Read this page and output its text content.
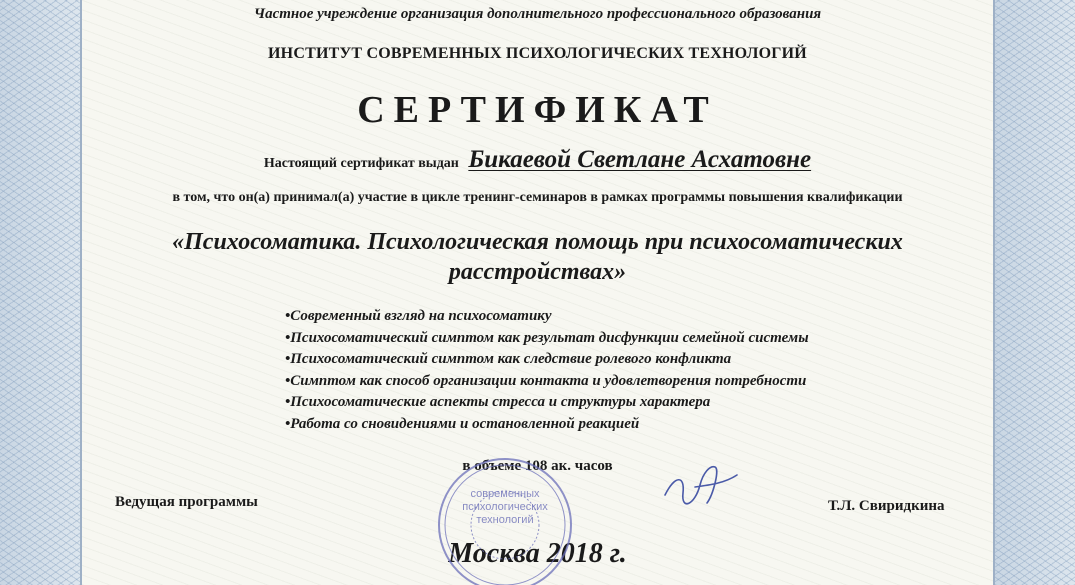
Частное учреждение организация дополнительного профессионального образования
ИНСТИТУТ СОВРЕМЕННЫХ ПСИХОЛОГИЧЕСКИХ ТЕХНОЛОГИЙ
СЕРТИФИКАТ
Настоящий сертификат выдан Бикаевой Светлане Асхатовне
в том, что он(а) принимал(а) участие в цикле тренинг-семинаров в рамках программы повышения квалификации
«Психосоматика. Психологическая помощь при психосоматических
расстройствах»
•Современный взгляд на психосоматику
•Психосоматический симптом как результат дисфункции семейной системы
•Психосоматический симптом как следствие ролевого конфликта
•Симптом как способ организации контакта и удовлетворения потребности
•Психосоматические аспекты стресса и структуры характера
•Работа со сновидениями и остановленной реакцией
в объеме 108 ак. часов
Ведущая программы	Т.Л. Свиридкина
Москва 2018 г.
современных
психологических
технологий
